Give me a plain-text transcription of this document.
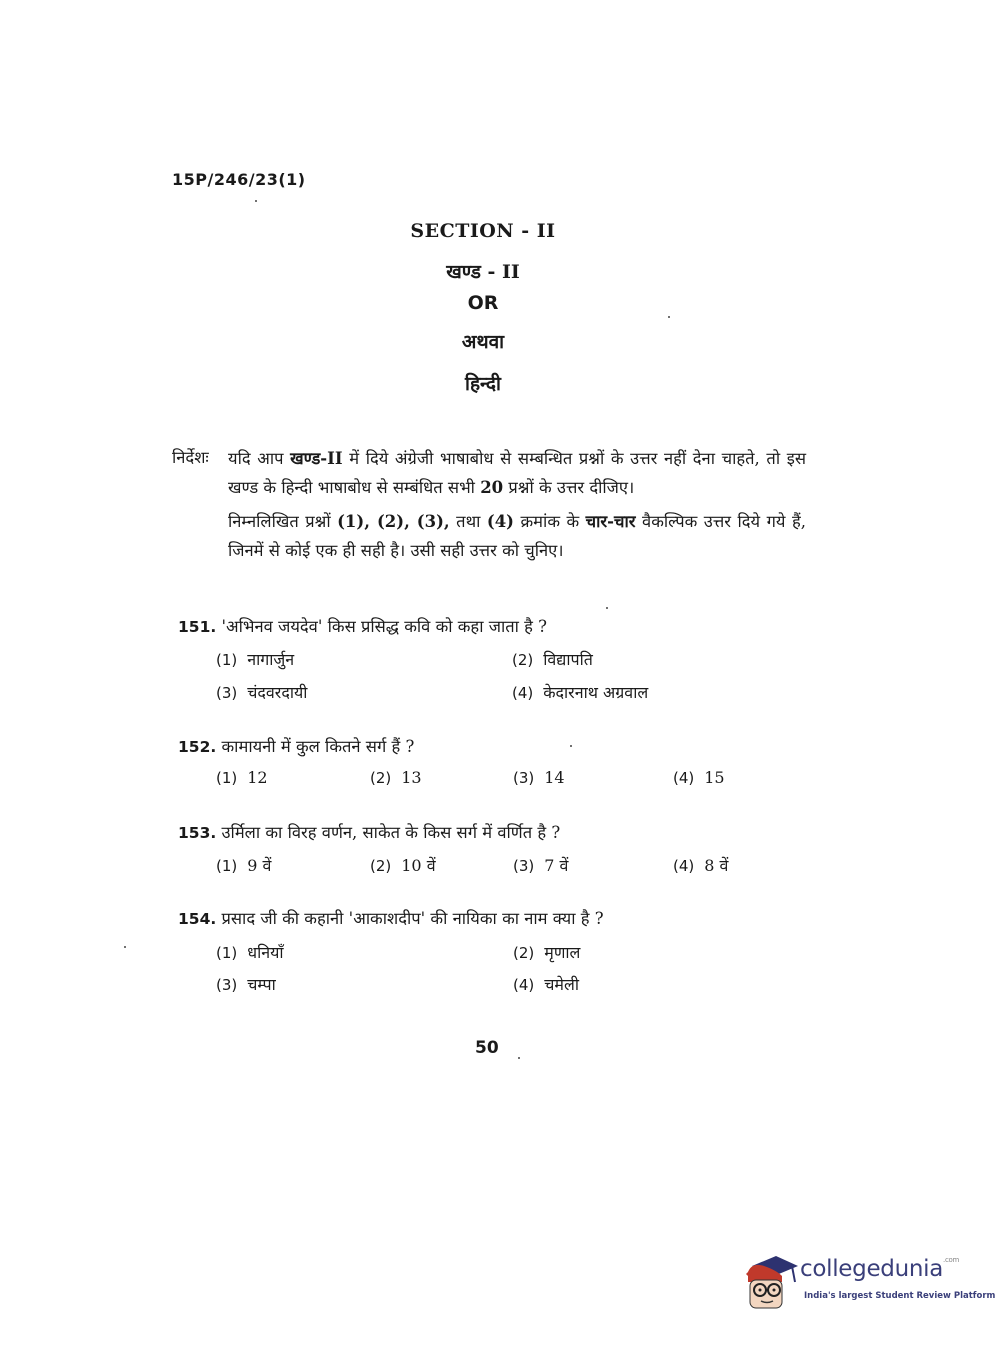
15P/246/23(1)
SECTION - II
खण्ड - II
OR
अथवा
हिन्दी
निर्देशः यदि आप खण्ड-II में दिये अंग्रेजी भाषाबोध से सम्बन्धित प्रश्नों के उत्तर नहीं देना चाहते, तो इस खण्ड के हिन्दी भाषाबोध से सम्बंधित सभी 20 प्रश्नों के उत्तर दीजिए।

निम्नलिखित प्रश्नों (1), (2), (3), तथा (4) क्रमांक के चार-चार वैकल्पिक उत्तर दिये गये हैं, जिनमें से कोई एक ही सही है। उसी सही उत्तर को चुनिए।

151. 'अभिनव जयदेव' किस प्रसिद्ध कवि को कहा जाता है ?
(1) नागार्जुन	(2) विद्यापति
(3) चंदवरदायी	(4) केदारनाथ अग्रवाल
152. कामायनी में कुल कितने सर्ग हैं ?
(1) 12	(2) 13	(3) 14	(4) 15
153. उर्मिला का विरह वर्णन, साकेत के किस सर्ग में वर्णित है ?
(1) 9 वें	(2) 10 वें	(3) 7 वें	(4) 8 वें
154. प्रसाद जी की कहानी 'आकाशदीप' की नायिका का नाम क्या है ?
(1) धनियाँ	(2) मृणाल
(3) चम्पा	(4) चमेली
50
collegedunia$^{.com}$
India's largest Student Review Platform
